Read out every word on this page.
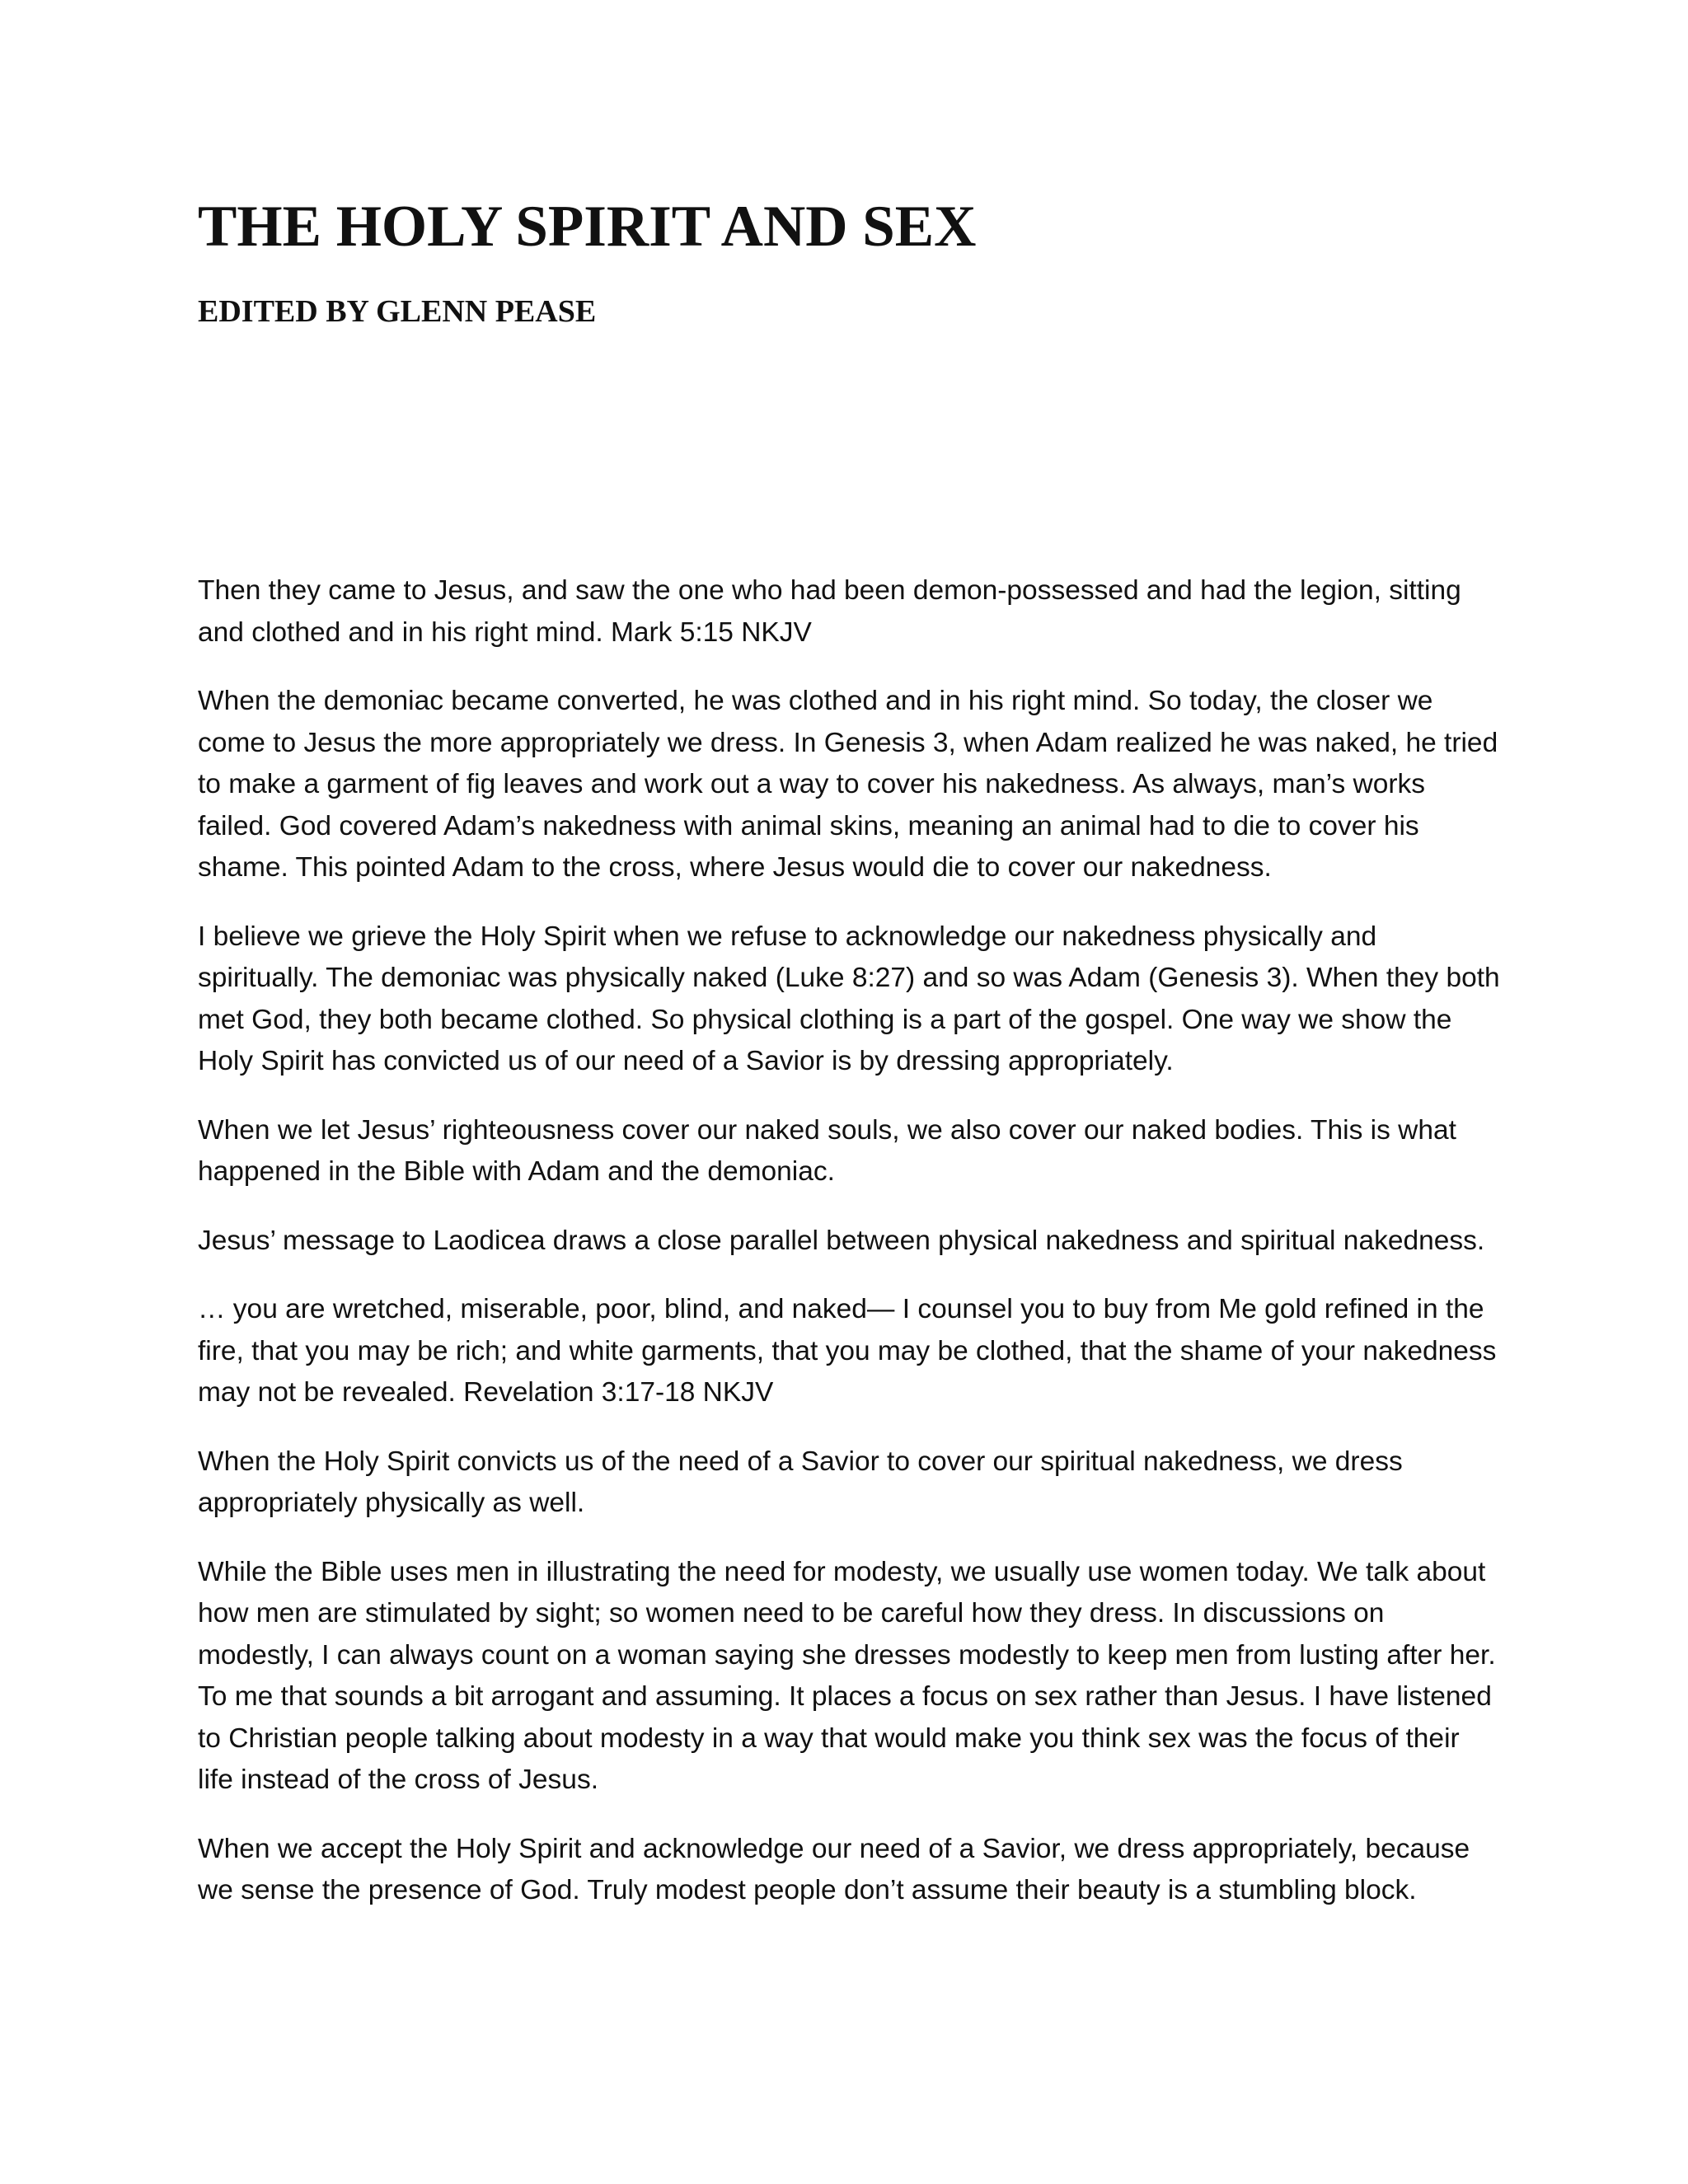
THE HOLY SPIRIT AND SEX
EDITED BY GLENN PEASE

Then they came to Jesus, and saw the one who had been demon-possessed and had the legion, sitting and clothed and in his right mind. Mark 5:15 NKJV

When the demoniac became converted, he was clothed and in his right mind. So today, the closer we come to Jesus the more appropriately we dress. In Genesis 3, when Adam realized he was naked, he tried to make a garment of fig leaves and work out a way to cover his nakedness. As always, man’s works failed. God covered Adam’s nakedness with animal skins, meaning an animal had to die to cover his shame. This pointed Adam to the cross, where Jesus would die to cover our nakedness.

I believe we grieve the Holy Spirit when we refuse to acknowledge our nakedness physically and spiritually. The demoniac was physically naked (Luke 8:27) and so was Adam (Genesis 3). When they both met God, they both became clothed. So physical clothing is a part of the gospel. One way we show the Holy Spirit has convicted us of our need of a Savior is by dressing appropriately.

When we let Jesus’ righteousness cover our naked souls, we also cover our naked bodies. This is what happened in the Bible with Adam and the demoniac.

Jesus’ message to Laodicea draws a close parallel between physical nakedness and spiritual nakedness.

… you are wretched, miserable, poor, blind, and naked— I counsel you to buy from Me gold refined in the fire, that you may be rich; and white garments, that you may be clothed, that the shame of your nakedness may not be revealed. Revelation 3:17-18 NKJV

When the Holy Spirit convicts us of the need of a Savior to cover our spiritual nakedness, we dress appropriately physically as well.

While the Bible uses men in illustrating the need for modesty, we usually use women today. We talk about how men are stimulated by sight; so women need to be careful how they dress. In discussions on modestly, I can always count on a woman saying she dresses modestly to keep men from lusting after her. To me that sounds a bit arrogant and assuming. It places a focus on sex rather than Jesus. I have listened to Christian people talking about modesty in a way that would make you think sex was the focus of their life instead of the cross of Jesus.

When we accept the Holy Spirit and acknowledge our need of a Savior, we dress appropriately, because we sense the presence of God. Truly modest people don’t assume their beauty is a stumbling block.
